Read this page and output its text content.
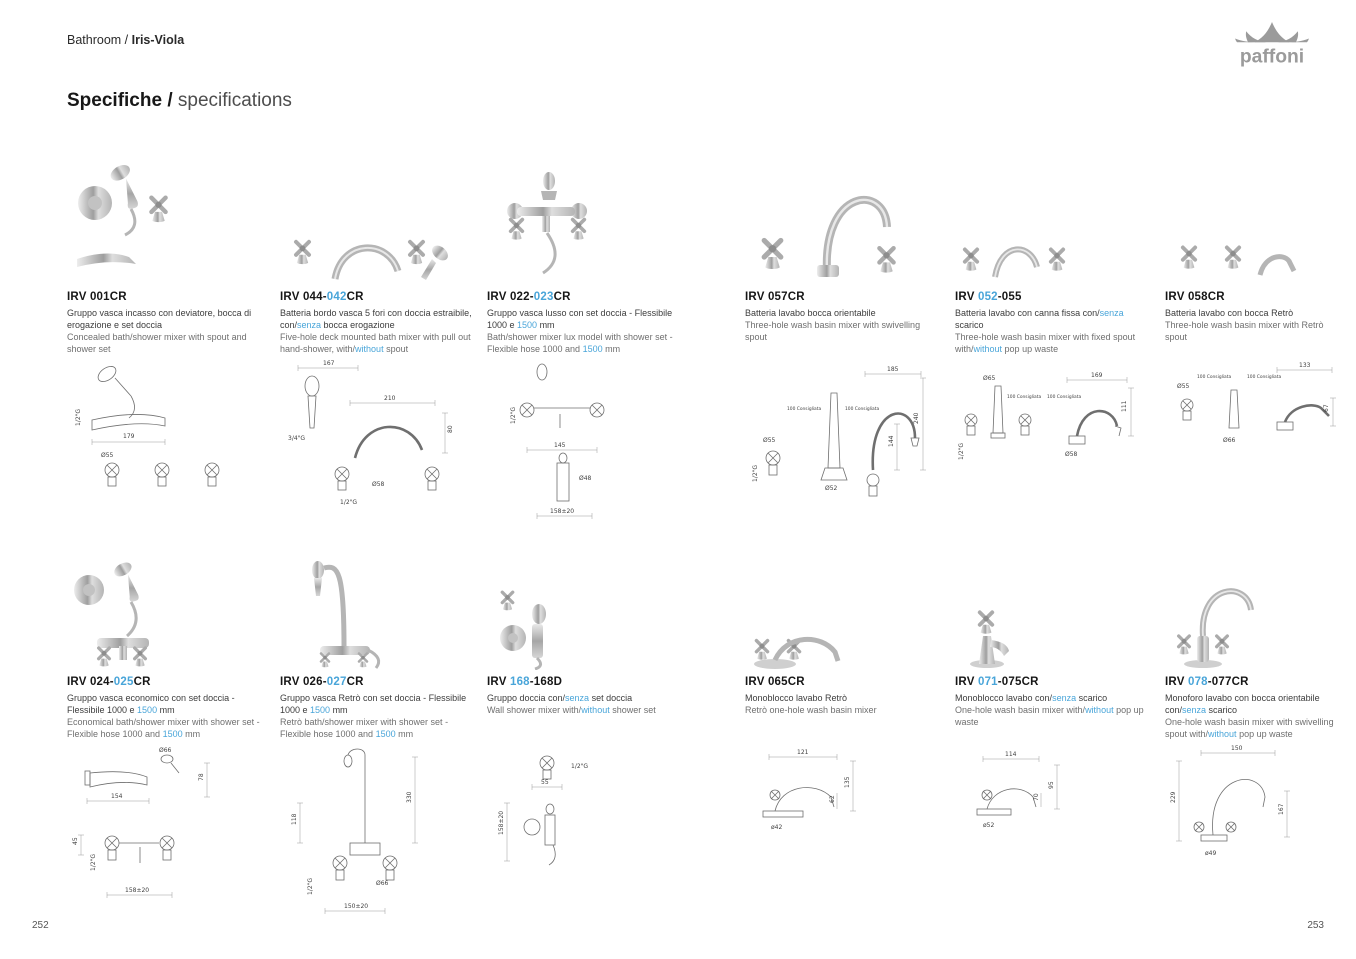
Bathroom / Iris-Viola
paffoni
Specifiche / specifications
IRV 001CR

Gruppo vasca incasso con deviatore, bocca di erogazione e set doccia

Concealed bath/shower mixer with spout and shower set

179
1/2"G
Ø55
IRV 044-042CR

Batteria bordo vasca 5 fori con doccia estraibile, con/senza bocca erogazione

Five-hole deck mounted bath mixer with pull out hand-shower, with/without spout

167
3/4"G
210
80
Ø58
1/2"G
IRV 022-023CR

Gruppo vasca lusso con set doccia - Flessibile 1000 e 1500 mm

Bath/shower mixer lux model with shower set - Flexible hose 1000 and 1500 mm

145
Ø48
1/2"G
158±20
IRV 057CR

Batteria lavabo bocca orientabile

Three-hole wash basin mixer with swivelling spout

Ø55
Ø52
100 Consigliata	100 Consigliata
185
240
144
1/2"G
IRV 052-055

Batteria lavabo con canna fissa con/senza scarico

Three-hole wash basin mixer with fixed spout with/without pop up waste

Ø65
100 Consigliata 100 Consigliata
169
111
Ø58
1/2"G
IRV 058CR

Batteria lavabo con bocca Retrò

Three-hole wash basin mixer with Retrò spout

Ø55
Ø66
100 Consigliata	100 Consigliata
133
67
IRV 024-025CR

Gruppo vasca economico con set doccia - Flessibile 1000 e 1500 mm

Economical bath/shower mixer with shower set - Flexible hose 1000 and 1500 mm

Ø66
154
78
45
1/2"G
158±20
IRV 026-027CR

Gruppo vasca Retrò con set doccia - Flessibile 1000 e 1500 mm

Retrò bath/shower mixer with shower set - Flexible hose 1000 and 1500 mm

330
118
Ø66
1/2"G
150±20
IRV 168-168D

Gruppo doccia con/senza set doccia

Wall shower mixer with/without shower set

55
1/2"G
158±20
IRV 065CR

Monoblocco lavabo Retrò

Retrò one-hole wash basin mixer

121
135
62
ø42
IRV 071-075CR

Monoblocco lavabo con/senza scarico

One-hole wash basin mixer with/without pop up waste

114
95
70
ø52
IRV 078-077CR

Monoforo lavabo con bocca orientabile con/senza scarico

One-hole wash basin mixer with swivelling spout with/without pop up waste

150
229
167
ø49
252	253
